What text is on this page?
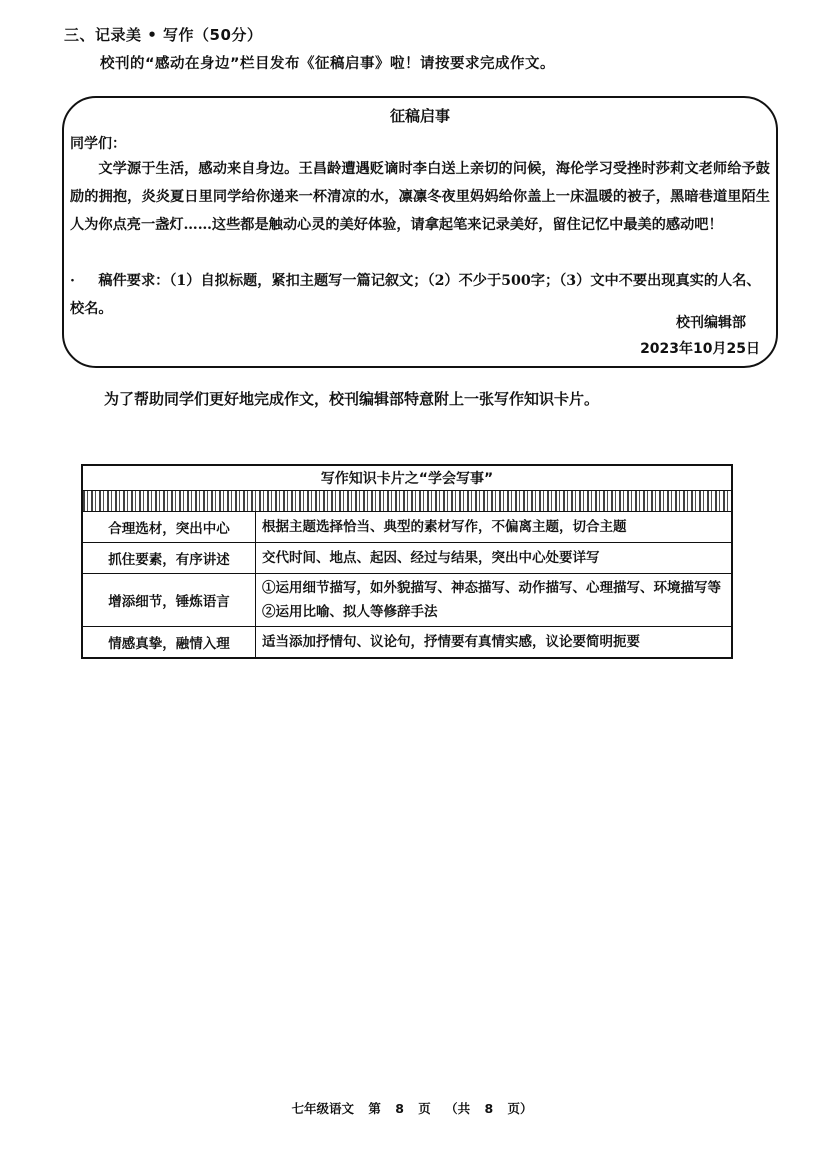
三、记录美 • 写作（50分）
校刊的“感动在身边”栏目发布《征稿启事》啦！请按要求完成作文。
征稿启事
同学们：

文学源于生活，感动来自身边。王昌龄遭遇贬谪时李白送上亲切的问候，海伦学习受挫时莎莉文老师给予鼓励的拥抱，炎炎夏日里同学给你递来一杯清凉的水，凛凛冬夜里妈妈给你盖上一床温暖的被子，黑暗巷道里陌生人为你点亮一盏灯……这些都是触动心灵的美好体验，请拿起笔来记录美好，留住记忆中最美的感动吧！

· 稿件要求：（1）自拟标题，紧扣主题写一篇记叙文；（2）不少于500字；（3）文中不要出现真实的人名、校名。

校刊编辑部
2023年10月25日
为了帮助同学们更好地完成作文，校刊编辑部特意附上一张写作知识卡片。
写作知识卡片之“学会写事”	

合理选材，突出中心	根据主题选择恰当、典型的素材写作，不偏离主题，切合主题
抓住要素，有序讲述	交代时间、地点、起因、经过与结果，突出中心处要详写
增添细节，锤炼语言	①运用细节描写，如外貌描写、神态描写、动作描写、心理描写、环境描写等
②运用比喻、拟人等修辞手法

情感真挚，融情入理	适当添加抒情句、议论句，抒情要有真情实感，议论要简明扼要
七年级语文 第 8 页 （共 8 页）
